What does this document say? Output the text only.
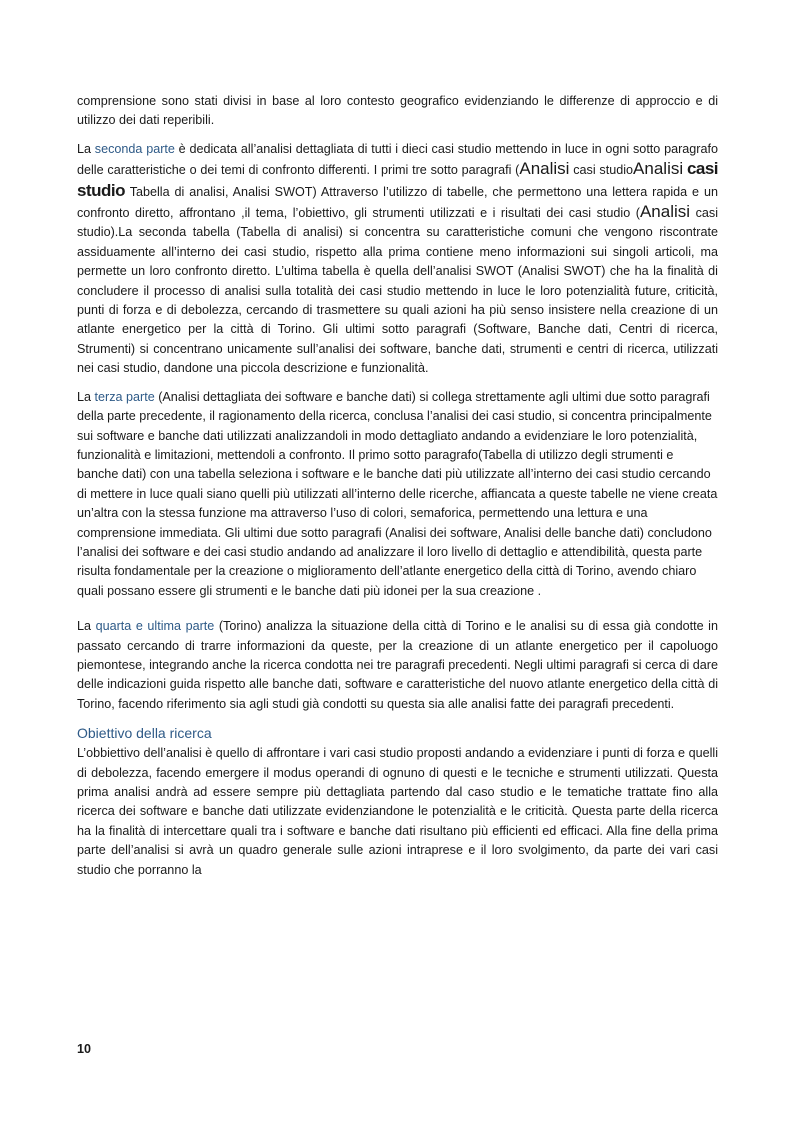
comprensione sono stati divisi in base al loro contesto geografico evidenziando le differenze di approccio e di utilizzo dei dati reperibili.

La seconda parte è dedicata all’analisi dettagliata di tutti i dieci casi studio mettendo in luce in ogni sotto paragrafo delle caratteristiche o dei temi di confronto differenti. I primi tre sotto paragrafi (Analisi casi studioAnalisi casi studio Tabella di analisi, Analisi SWOT) Attraverso l’utilizzo di tabelle, che permettono una lettera rapida e un confronto diretto, affrontano ,il tema, l’obiettivo, gli strumenti utilizzati e i risultati dei casi studio (Analisi casi studio).La seconda tabella (Tabella di analisi) si concentra su caratteristiche comuni che vengono riscontrate assiduamente all’interno dei casi studio, rispetto alla prima contiene meno informazioni sui singoli articoli, ma permette un loro confronto diretto. L’ultima tabella è quella dell’analisi SWOT (Analisi SWOT) che ha la finalità di concludere il processo di analisi sulla totalità dei casi studio mettendo in luce le loro potenzialità future, criticità, punti di forza e di debolezza, cercando di trasmettere su quali azioni ha più senso insistere nella creazione di un atlante energetico per la città di Torino. Gli ultimi sotto paragrafi (Software, Banche dati, Centri di ricerca, Strumenti) si concentrano unicamente sull’analisi dei software, banche dati, strumenti e centri di ricerca, utilizzati nei casi studio, dandone una piccola descrizione e funzionalità.

La terza parte (Analisi dettagliata dei software e banche dati) si collega strettamente agli ultimi due sotto paragrafi della parte precedente, il ragionamento della ricerca, conclusa l’analisi dei casi studio, si concentra principalmente sui software e banche dati utilizzati analizzandoli in modo dettagliato andando a evidenziare le loro potenzialità, funzionalità e limitazioni, mettendoli a confronto. Il primo sotto paragrafo(Tabella di utilizzo degli strumenti e banche dati) con una tabella seleziona i software e le banche dati più utilizzate all’interno dei casi studio cercando di mettere in luce quali siano quelli più utilizzati all’interno delle ricerche, affiancata a queste tabelle ne viene creata un’altra con la stessa funzione ma attraverso l’uso di colori, semaforica, permettendo una lettura e una comprensione immediata. Gli ultimi due sotto paragrafi (Analisi dei software, Analisi delle banche dati) concludono l’analisi dei software e dei casi studio andando ad analizzare il loro livello di dettaglio e attendibilità, questa parte risulta fondamentale per la creazione o miglioramento dell’atlante energetico della città di Torino, avendo chiaro quali possano essere gli strumenti e le banche dati più idonei per la sua creazione .

La quarta e ultima parte (Torino) analizza la situazione della città di Torino e le analisi su di essa già condotte in passato cercando di trarre informazioni da queste, per la creazione di un atlante energetico per il capoluogo piemontese, integrando anche la ricerca condotta nei tre paragrafi precedenti. Negli ultimi paragrafi si cerca di dare delle indicazioni guida rispetto alle banche dati, software e caratteristiche del nuovo atlante energetico della città di Torino, facendo riferimento sia agli studi già condotti su questa sia alle analisi fatte dei paragrafi precedenti.

Obiettivo della ricerca

L’obbiettivo dell’analisi è quello di affrontare i vari casi studio proposti andando a evidenziare i punti di forza e quelli di debolezza, facendo emergere il modus operandi di ognuno di questi e le tecniche e strumenti utilizzati. Questa prima analisi andrà ad essere sempre più dettagliata partendo dal caso studio e le tematiche trattate fino alla ricerca dei software e banche dati utilizzate evidenziandone le potenzialità e le criticità. Questa parte della ricerca ha la finalità di intercettare quali tra i software e banche dati risultano più efficienti ed efficaci. Alla fine della prima parte dell’analisi si avrà un quadro generale sulle azioni intraprese e il loro svolgimento, da parte dei vari casi studio che porranno la

10
